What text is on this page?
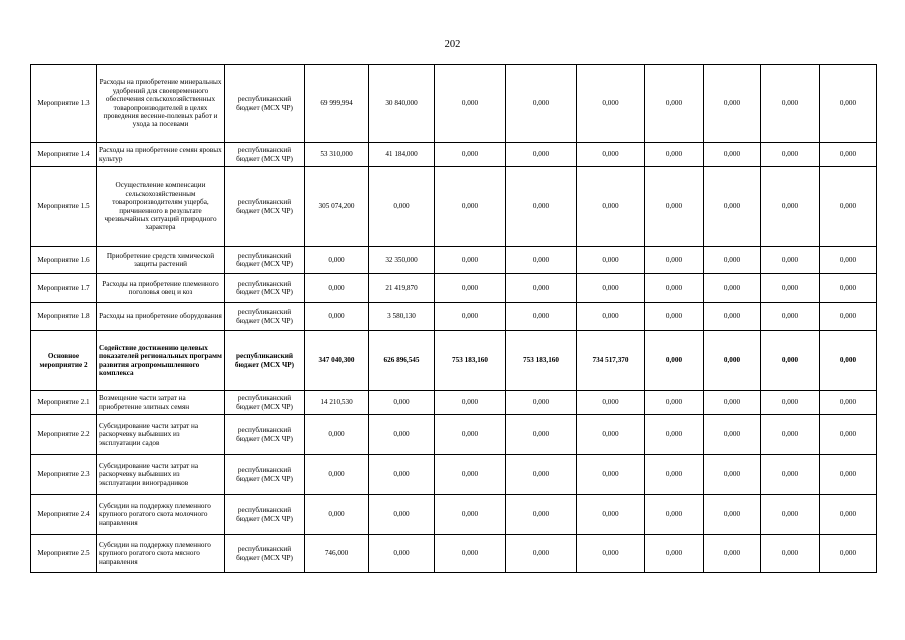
202
Мероприятие 1.3	Расходы на приобретение минеральных удобрений для своевременного обеспечения сельскохозяйственных товаропроизводителей в целях проведения весенне-полевых работ и ухода за посевами	республиканский бюджет (МСХ ЧР)	69 999,994	30 840,000	0,000	0,000	0,000	0,000	0,000	0,000	0,000
Мероприятие 1.4	Расходы на приобретение семян яровых культур	республиканский бюджет (МСХ ЧР)	53 310,000	41 184,000	0,000	0,000	0,000	0,000	0,000	0,000	0,000
Мероприятие 1.5	Осуществление компенсации сельскохозяйственным товаропроизводителям ущерба, причиненного в результате чрезвычайных ситуаций природного характера	республиканский бюджет (МСХ ЧР)	305 074,200	0,000	0,000	0,000	0,000	0,000	0,000	0,000	0,000
Мероприятие 1.6	Приобретение средств химической защиты растений	республиканский бюджет (МСХ ЧР)	0,000	32 350,000	0,000	0,000	0,000	0,000	0,000	0,000	0,000
Мероприятие 1.7	Расходы на приобретение племенного поголовья овец и коз	республиканский бюджет (МСХ ЧР)	0,000	21 419,870	0,000	0,000	0,000	0,000	0,000	0,000	0,000
Мероприятие 1.8	Расходы на приобретение оборудования	республиканский бюджет (МСХ ЧР)	0,000	3 580,130	0,000	0,000	0,000	0,000	0,000	0,000	0,000
Основное мероприятие 2	Содействие достижению целевых показателей региональных программ развития агропромышленного комплекса	республиканский бюджет (МСХ ЧР)	347 040,300	626 896,545	753 183,160	753 183,160	734 517,370	0,000	0,000	0,000	0,000
Мероприятие 2.1	Возмещение части затрат на приобретение элитных семян	республиканский бюджет (МСХ ЧР)	14 210,530	0,000	0,000	0,000	0,000	0,000	0,000	0,000	0,000
Мероприятие 2.2	Субсидирование части затрат на раскорчевку выбывших из эксплуатации садов	республиканский бюджет (МСХ ЧР)	0,000	0,000	0,000	0,000	0,000	0,000	0,000	0,000	0,000
Мероприятие 2.3	Субсидирование части затрат на раскорчевку выбывших из эксплуатации виноградников	республиканский бюджет (МСХ ЧР)	0,000	0,000	0,000	0,000	0,000	0,000	0,000	0,000	0,000
Мероприятие 2.4	Субсидии на поддержку племенного крупного рогатого скота молочного направления	республиканский бюджет (МСХ ЧР)	0,000	0,000	0,000	0,000	0,000	0,000	0,000	0,000	0,000
Мероприятие 2.5	Субсидии на поддержку племенного крупного рогатого скота мясного направления	республиканский бюджет (МСХ ЧР)	746,000	0,000	0,000	0,000	0,000	0,000	0,000	0,000	0,000
